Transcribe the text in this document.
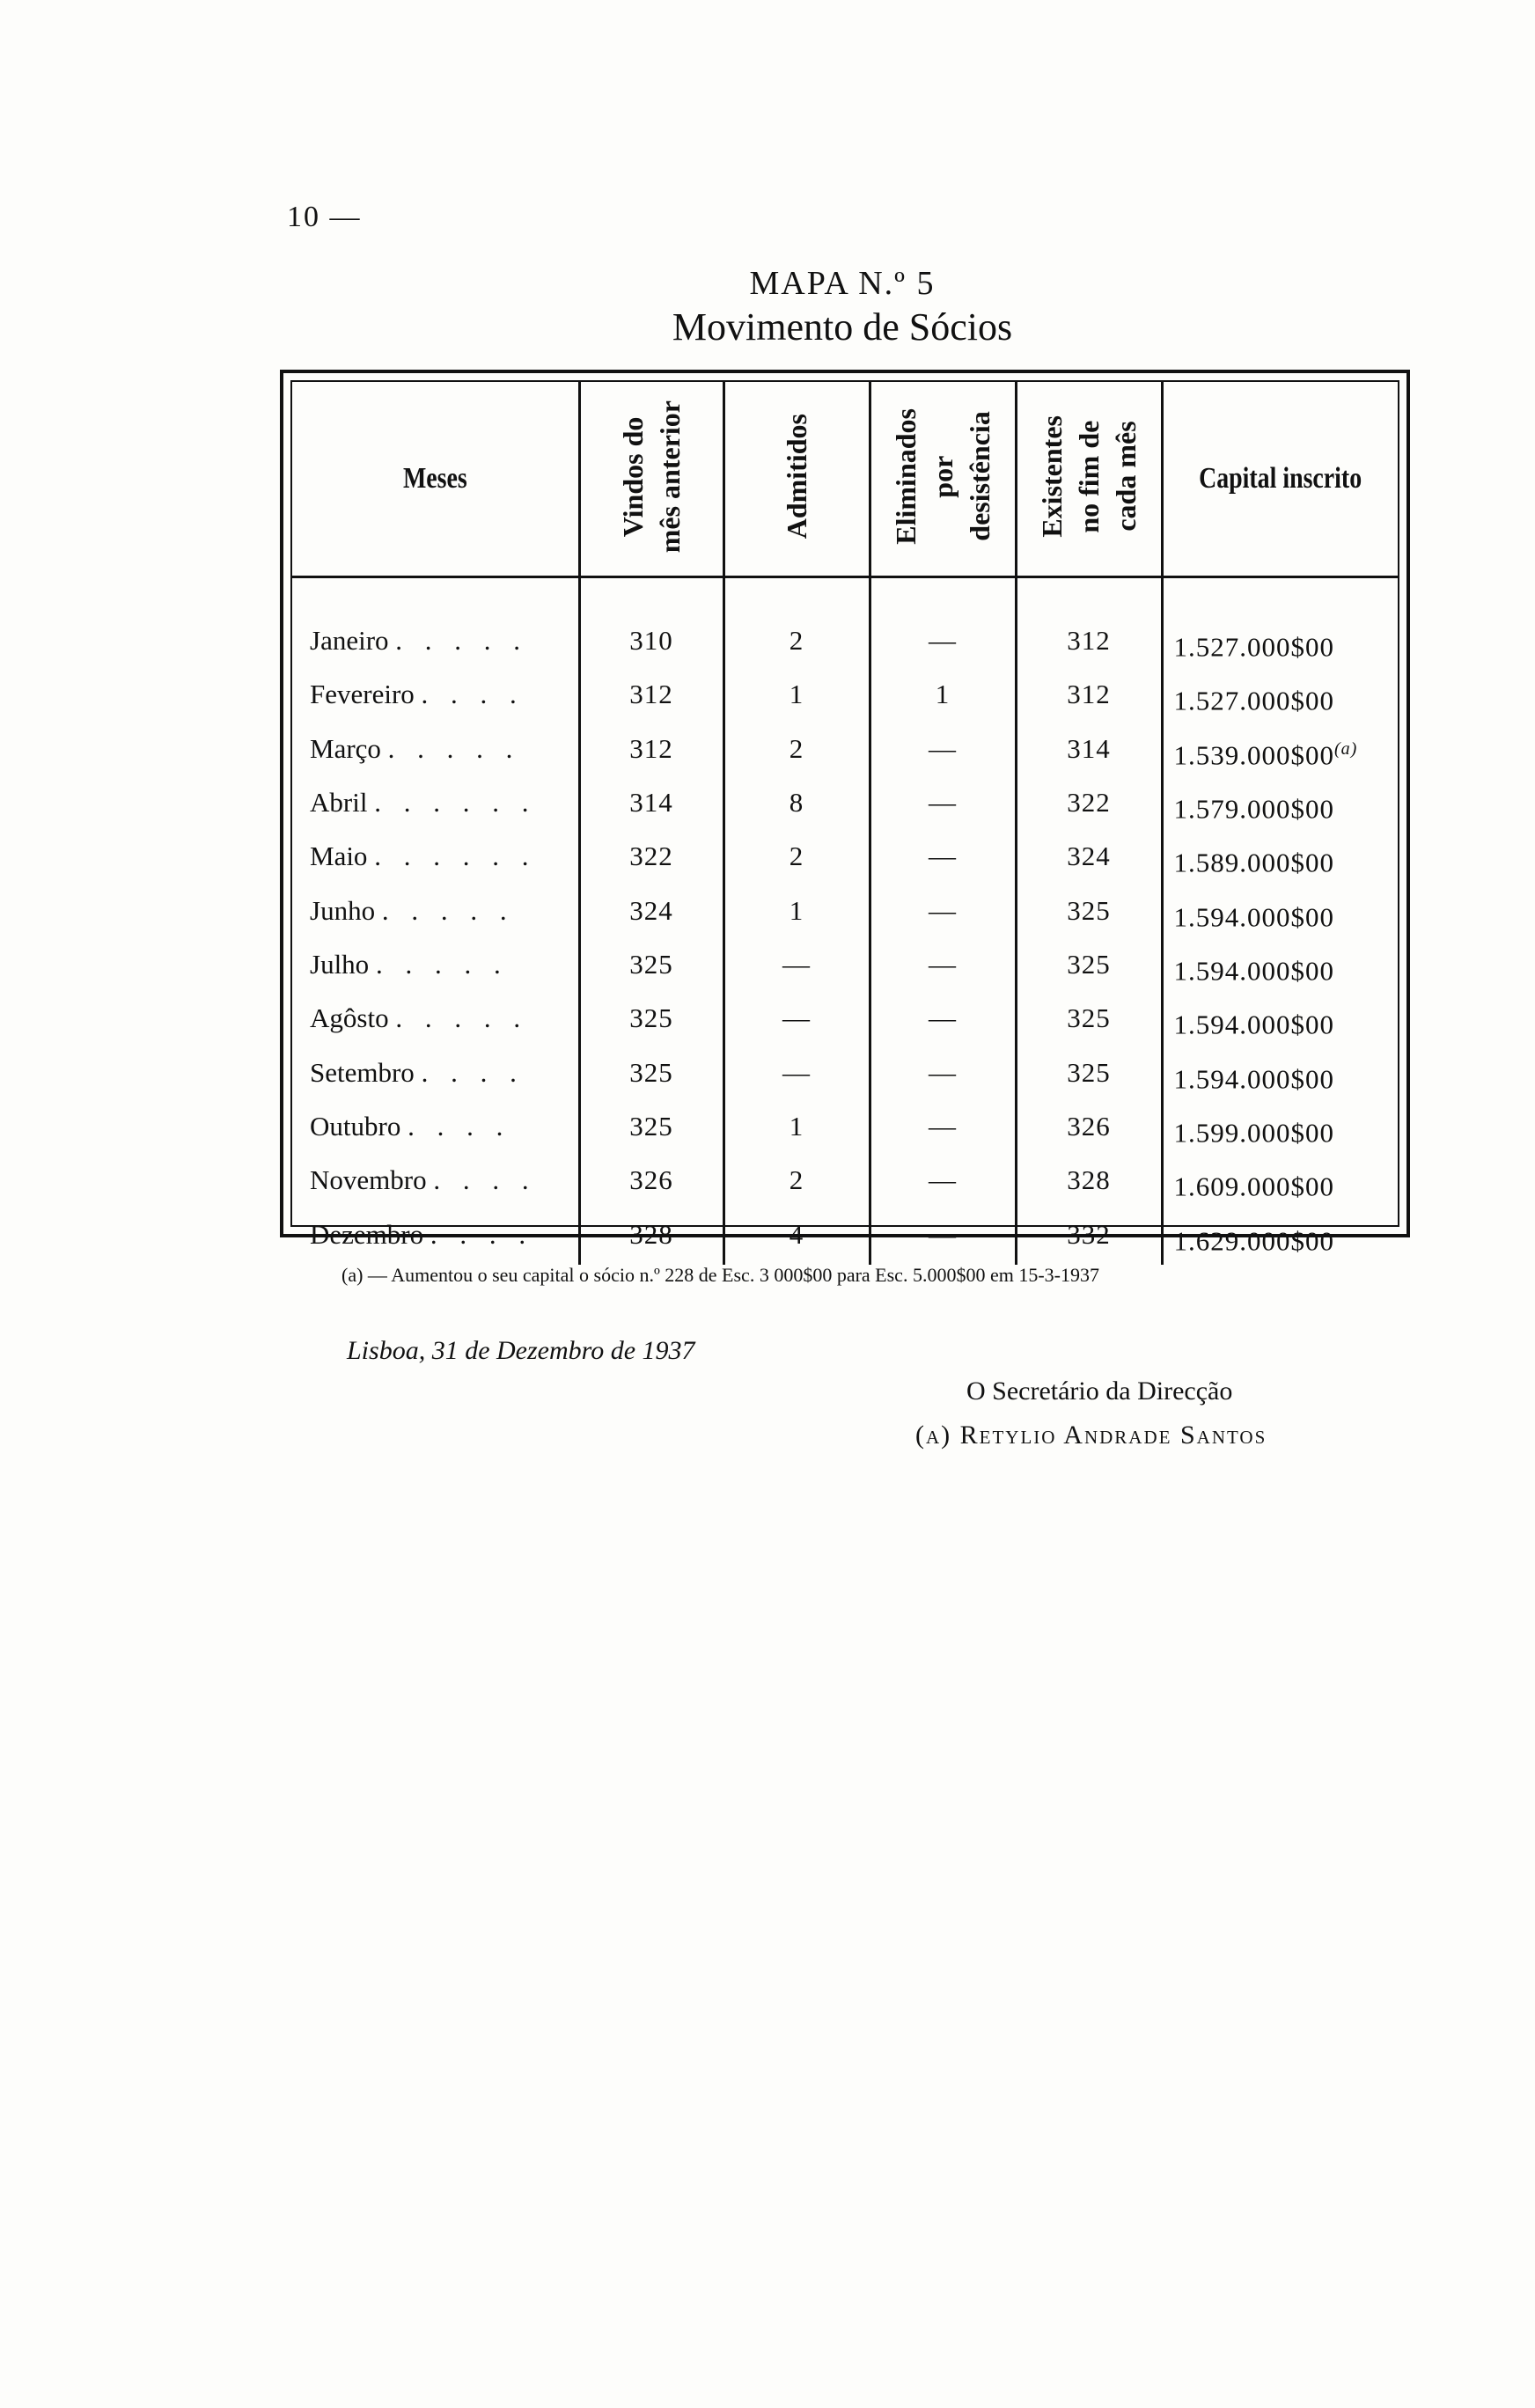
10 —
MAPA N.º 5
Movimento de Sócios
Meses	Vindos do mês anterior	Admitidos	Eliminados por desistência	Existentes no fim de cada mês	Capital inscrito

Janeiro . . . . .	310	2	—	312	1.527.000$00
Fevereiro . . . .	312	1	1	312	1.527.000$00
Março . . . . .	312	2	—	314	1.539.000$00$^{(a)}$
Abril . . . . . .	314	8	—	322	1.579.000$00
Maio . . . . . .	322	2	—	324	1.589.000$00
Junho . . . . .	324	1	—	325	1.594.000$00
Julho . . . . .	325	—	—	325	1.594.000$00
Agôsto . . . . .	325	—	—	325	1.594.000$00
Setembro . . . .	325	—	—	325	1.594.000$00
Outubro . . . .	325	1	—	326	1.599.000$00
Novembro . . . .	326	2	—	328	1.609.000$00
Dezembro . . . .	328	4	—	332	1.629.000$00

(a) — Aumentou o seu capital o sócio n.º 228 de Esc. 3 000$00 para Esc. 5.000$00 em 15-3-1937
Lisboa, 31 de Dezembro de 1937
O Secretário da Direcção
(a) Retylio Andrade Santos
